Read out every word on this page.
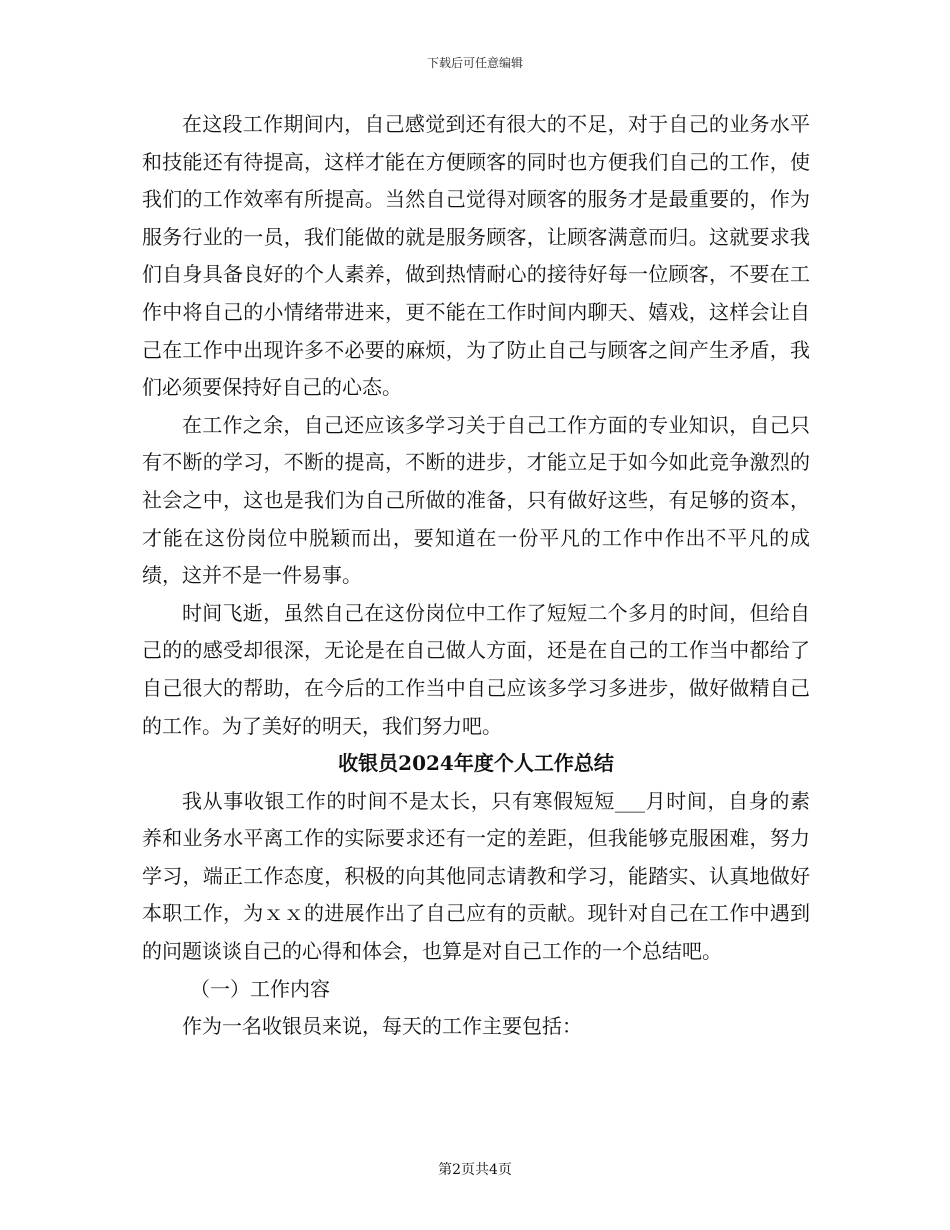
下载后可任意编辑

在这段工作期间内，自己感觉到还有很大的不足，对于自己的业务水平和技能还有待提高，这样才能在方便顾客的同时也方便我们自己的工作，使我们的工作效率有所提高。当然自己觉得对顾客的服务才是最重要的，作为服务行业的一员，我们能做的就是服务顾客，让顾客满意而归。这就要求我们自身具备良好的个人素养，做到热情耐心的接待好每一位顾客，不要在工作中将自己的小情绪带进来，更不能在工作时间内聊天、嬉戏，这样会让自己在工作中出现许多不必要的麻烦，为了防止自己与顾客之间产生矛盾，我们必须要保持好自己的心态。

在工作之余，自己还应该多学习关于自己工作方面的专业知识，自己只有不断的学习，不断的提高，不断的进步，才能立足于如今如此竞争激烈的社会之中，这也是我们为自己所做的准备，只有做好这些，有足够的资本，才能在这份岗位中脱颖而出，要知道在一份平凡的工作中作出不平凡的成绩，这并不是一件易事。

时间飞逝，虽然自己在这份岗位中工作了短短二个多月的时间，但给自己的的感受却很深，无论是在自己做人方面，还是在自己的工作当中都给了自己很大的帮助，在今后的工作当中自己应该多学习多进步，做好做精自己的工作。为了美好的明天，我们努力吧。

收银员2024年度个人工作总结

我从事收银工作的时间不是太长，只有寒假短短___月时间，自身的素养和业务水平离工作的实际要求还有一定的差距，但我能够克服困难，努力学习，端正工作态度，积极的向其他同志请教和学习，能踏实、认真地做好本职工作，为ｘｘ的进展作出了自己应有的贡献。现针对自己在工作中遇到的问题谈谈自己的心得和体会，也算是对自己工作的一个总结吧。

（一）工作内容

作为一名收银员来说，每天的工作主要包括：

第2页共4页
